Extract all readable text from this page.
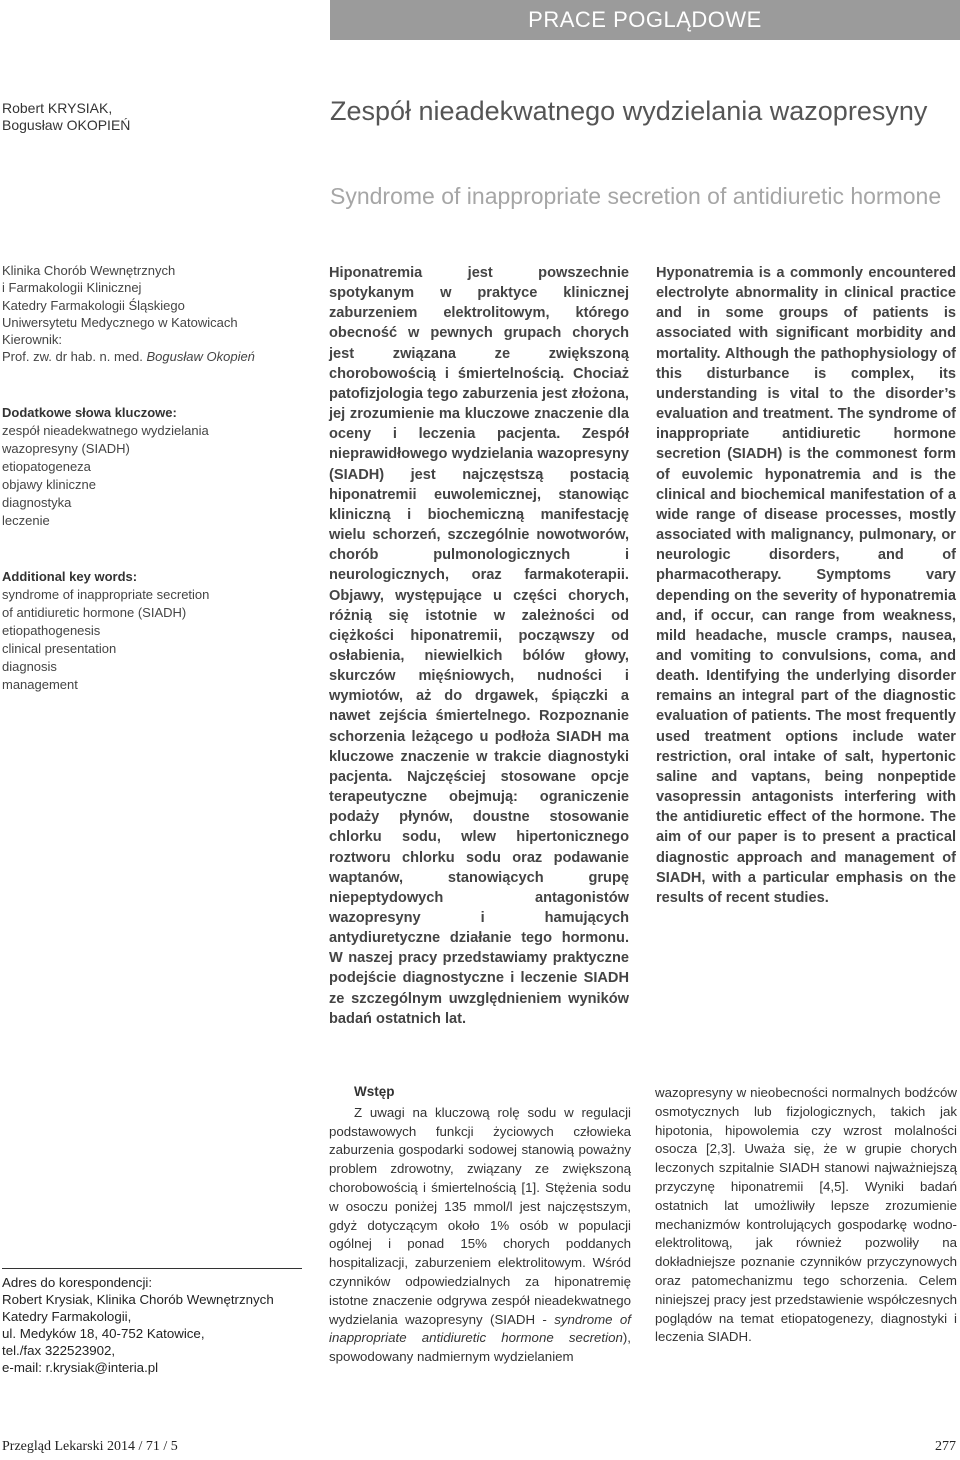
PRACE POGLĄDOWE
Robert KRYSIAK,
Bogusław OKOPIEŃ	Zespół nieadekwatnego wydzielania wazopresyny
Syndrome of inappropriate secretion of antidiuretic hormone
Klinika Chorób Wewnętrznych
i Farmakologii Klinicznej
Katedry Farmakologii Śląskiego
Uniwersytetu Medycznego w Katowicach
Kierownik:
Prof. zw. dr hab. n. med. Bogusław Okopień
Dodatkowe słowa kluczowe:
zespół nieadekwatnego wydzielania
wazopresyny (SIADH)
etiopatogeneza
objawy kliniczne
diagnostyka
leczenie
Additional key words:
syndrome of inappropriate secretion
of antidiuretic hormone (SIADH)
etiopathogenesis
clinical presentation
diagnosis
management
Hiponatremia jest powszechnie spotykanym w praktyce klinicznej zaburzeniem elektrolitowym, którego obecność w pewnych grupach chorych jest związana ze zwiększoną chorobowością i śmiertelnością. Chociaż patofizjologia tego zaburzenia jest złożona, jej zrozumienie ma kluczowe znaczenie dla oceny i leczenia pacjenta. Zespół nieprawidłowego wydzielania wazopresyny (SIADH) jest najczęstszą postacią hiponatremii euwolemicznej, stanowiąc kliniczną i biochemiczną manifestację wielu schorzeń, szczególnie nowotworów, chorób pulmonologicznych i neurologicznych, oraz farmakoterapii. Objawy, występujące u części chorych, różnią się istotnie w zależności od ciężkości hiponatremii, począwszy od osłabienia, niewielkich bólów głowy, skurczów mięśniowych, nudności i wymiotów, aż do drgawek, śpiączki a nawet zejścia śmiertelnego. Rozpoznanie schorzenia leżącego u podłoża SIADH ma kluczowe znaczenie w trakcie diagnostyki pacjenta. Najczęściej stosowane opcje terapeutyczne obejmują: ograniczenie podaży płynów, doustne stosowanie chlorku sodu, wlew hipertonicznego roztworu chlorku sodu oraz podawanie waptanów, stanowiących grupę niepeptydowych antagonistów wazopresyny i hamujących antydiuretyczne działanie tego hormonu. W naszej pracy przedstawiamy praktyczne podejście diagnostyczne i leczenie SIADH ze szczególnym uwzględnieniem wyników badań ostatnich lat.
Hyponatremia is a commonly encountered electrolyte abnormality in clinical practice and in some groups of patients is associated with significant morbidity and mortality. Although the pathophysiology of this disturbance is complex, its understanding is vital to the disorder’s evaluation and treatment. The syndrome of inappropriate antidiuretic hormone secretion (SIADH) is the commonest form of euvolemic hyponatremia and is the clinical and biochemical manifestation of a wide range of disease processes, mostly associated with malignancy, pulmonary, or neurologic disorders, and of pharmacotherapy. Symptoms vary depending on the severity of hyponatremia and, if occur, can range from weakness, mild headache, muscle cramps, nausea, and vomiting to convulsions, coma, and death. Identifying the underlying disorder remains an integral part of the diagnostic evaluation of patients. The most frequently used treatment options include water restriction, oral intake of salt, hypertonic saline and vaptans, being nonpeptide vasopressin antagonists interfering with the antidiuretic effect of the hormone. The aim of our paper is to present a practical diagnostic approach and management of SIADH, with a particular emphasis on the results of recent studies.
Wstęp
Z uwagi na kluczową rolę sodu w regulacji podstawowych funkcji życiowych człowieka zaburzenia gospodarki sodowej stanowią poważny problem zdrowotny, związany ze zwiększoną chorobowością i śmiertelnością [1]. Stężenia sodu w osoczu poniżej 135 mmol/l jest najczęstszym, gdyż dotyczącym około 1% osób w populacji ogólnej i ponad 15% chorych poddanych hospitalizacji, zaburzeniem elektrolitowym. Wśród czynników odpowiedzialnych za hiponatremię istotne znaczenie odgrywa zespół nieadekwatnego wydzielania wazopresyny (SIADH - syndrome of inappropriate antidiuretic hormone secretion), spowodowany nadmiernym wydzielaniem
wazopresyny w nieobecności normalnych bodźców osmotycznych lub fizjologicznych, takich jak hipotonia, hipowolemia czy wzrost molalności osocza [2,3]. Uważa się, że w grupie chorych leczonych szpitalnie SIADH stanowi najważniejszą przyczynę hiponatremii [4,5]. Wyniki badań ostatnich lat umożliwiły lepsze zrozumienie mechanizmów kontrolujących gospodarkę wodno-elektrolitową, jak również pozwoliły na dokładniejsze poznanie czynników przyczynowych oraz patomechanizmu tego schorzenia. Celem niniejszej pracy jest przedstawienie współczesnych poglądów na temat etiopatogenezy, diagnostyki i leczenia SIADH.
Adres do korespondencji:
Robert Krysiak, Klinika Chorób Wewnętrznych
Katedry Farmakologii,
ul. Medyków 18, 40-752 Katowice,
tel./fax 322523902,
e-mail: r.krysiak@interia.pl
Przegląd Lekarski 2014 / 71 / 5	277
